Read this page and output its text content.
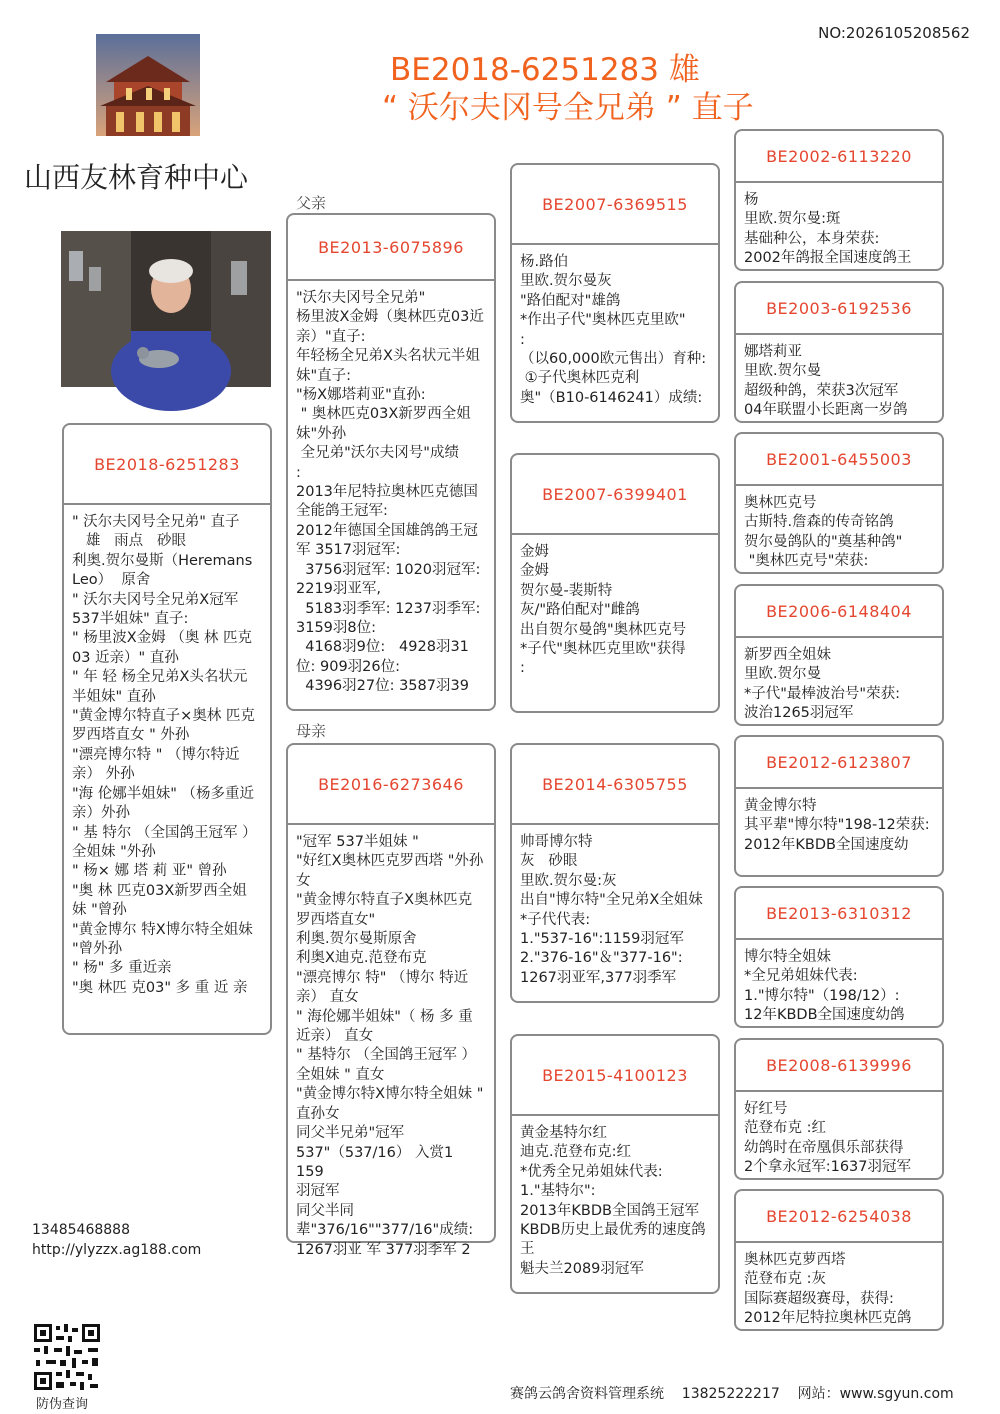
NO:2026105208562
BE2018-6251283 雄
“ 沃尔夫冈号全兄弟 ” 直子
山西友林育种中心
父亲
母亲
BE2018-6251283
" 沃尔夫冈号全兄弟" 直子
雄   雨点   砂眼
利奥.贺尔曼斯（Heremans Leo）  原舍
" 沃尔夫冈号全兄弟X冠军537半姐妹" 直子:
" 杨里波X金姆 （奥 林 匹克03 近亲）" 直孙
" 年 轻 杨全兄弟X头名状元半姐妹" 直孙
"黄金博尔特直子×奥林 匹克罗西塔直女 " 外孙
"漂亮博尔特 " （博尔特近亲） 外孙
"海 伦娜半姐妹" （杨多重近亲）外孙
" 基 特尔 （全国鸽王冠军 ）全姐妹 "外孙
" 杨× 娜 塔 莉 亚" 曾孙
"奥 林 匹克03X新罗西全姐妹 "曾孙
"黄金博尔 特X博尔特全姐妹 "曾外孙
" 杨" 多 重近亲
"奥 林匹 克03" 多 重 近 亲
BE2013-6075896
"沃尔夫冈号全兄弟"
杨里波X金姆（奥林匹克03近亲）"直子:
年轻杨全兄弟X头名状元半姐妹"直子:
"杨X娜塔莉亚"直孙:
" 奥林匹克03X新罗西全姐妹"外孙
全兄弟"沃尔夫冈号"成绩
:
2013年尼特拉奥林匹克德国全能鸽王冠军:
2012年德国全国雄鸽鸽王冠军 3517羽冠军:
3756羽冠军: 1020羽冠军: 2219羽亚军,
5183羽季军: 1237羽季军: 3159羽8位:
4168羽9位:   4928羽31位: 909羽26位:
4396羽27位: 3587羽39
BE2016-6273646
"冠军 537半姐妹 "
"好红X奥林匹克罗西塔 "外孙女
"黄金博尔特直子X奥林匹克罗西塔直女"
利奥.贺尔曼斯原舍
利奥X迪克.范登布克
"漂亮博尔 特" （博尔 特近亲） 直女
" 海伦娜半姐妹"（ 杨 多 重近亲） 直女
" 基特尔 （全国鸽王冠军 ）全姐妹 " 直女
"黄金博尔特X博尔特全姐妹 " 直孙女
同父半兄弟"冠军537"（537/16） 入赏1 159
羽冠军
同父半同辈"376/16""377/16"成绩:
1267羽亚 军 377羽季军 2
BE2007-6369515
杨.路伯
里欧.贺尔曼灰
"路伯配对"雄鸽
*作出子代"奥林匹克里欧"
:
（以60,000欧元售出）育种:
①子代奥林匹克利奥"（B10-6146241）成绩:
BE2007-6399401
金姆
金姆
贺尔曼-裴斯特
灰/"路伯配对"雌鸽
出自贺尔曼鸽"奥林匹克号
*子代"奥林匹克里欧"获得
:
BE2014-6305755
帅哥博尔特
灰   砂眼
里欧.贺尔曼:灰
出自"博尔特"全兄弟X全姐妹
*子代代表:
1."537-16":1159羽冠军
2."376-16"＆"377-16":
1267羽亚军,377羽季军
BE2015-4100123
黄金基特尔红
迪克.范登布克:红
*优秀全兄弟姐妹代表:
1."基特尔":
2013年KBDB全国鸽王冠军
KBDB历史上最优秀的速度鸽王
魁夫兰2089羽冠军
BE2002-6113220
杨
里欧.贺尔曼:斑
基础种公，本身荣获:
2002年鸽报全国速度鸽王
BE2003-6192536
娜塔莉亚
里欧.贺尔曼
超级种鸽，荣获3次冠军
04年联盟小长距离一岁鸽
BE2001-6455003
奥林匹克号
古斯特.詹森的传奇铭鸽
贺尔曼鸽队的"奠基种鸽"
"奥林匹克号"荣获:
BE2006-6148404
新罗西全姐妹
里欧.贺尔曼
*子代"最棒波治号"荣获:
波治1265羽冠军
BE2012-6123807
黄金博尔特
其平辈"博尔特"198-12荣获:
2012年KBDB全国速度幼
BE2013-6310312
博尔特全姐妹
*全兄弟姐妹代表:
1."博尔特"（198/12）:
12年KBDB全国速度幼鸽
BE2008-6139996
好红号
范登布克 :红
幼鸽时在帝凰俱乐部获得
2个拿永冠军:1637羽冠军
BE2012-6254038
奥林匹克萝西塔
范登布克 :灰
国际赛超级赛母，获得:
2012年尼特拉奥林匹克鸽
13485468888
http://ylyzzx.ag188.com
防伪查询
赛鸽云鸽舍资料管理系统    13825222217    网站：www.sgyun.com
